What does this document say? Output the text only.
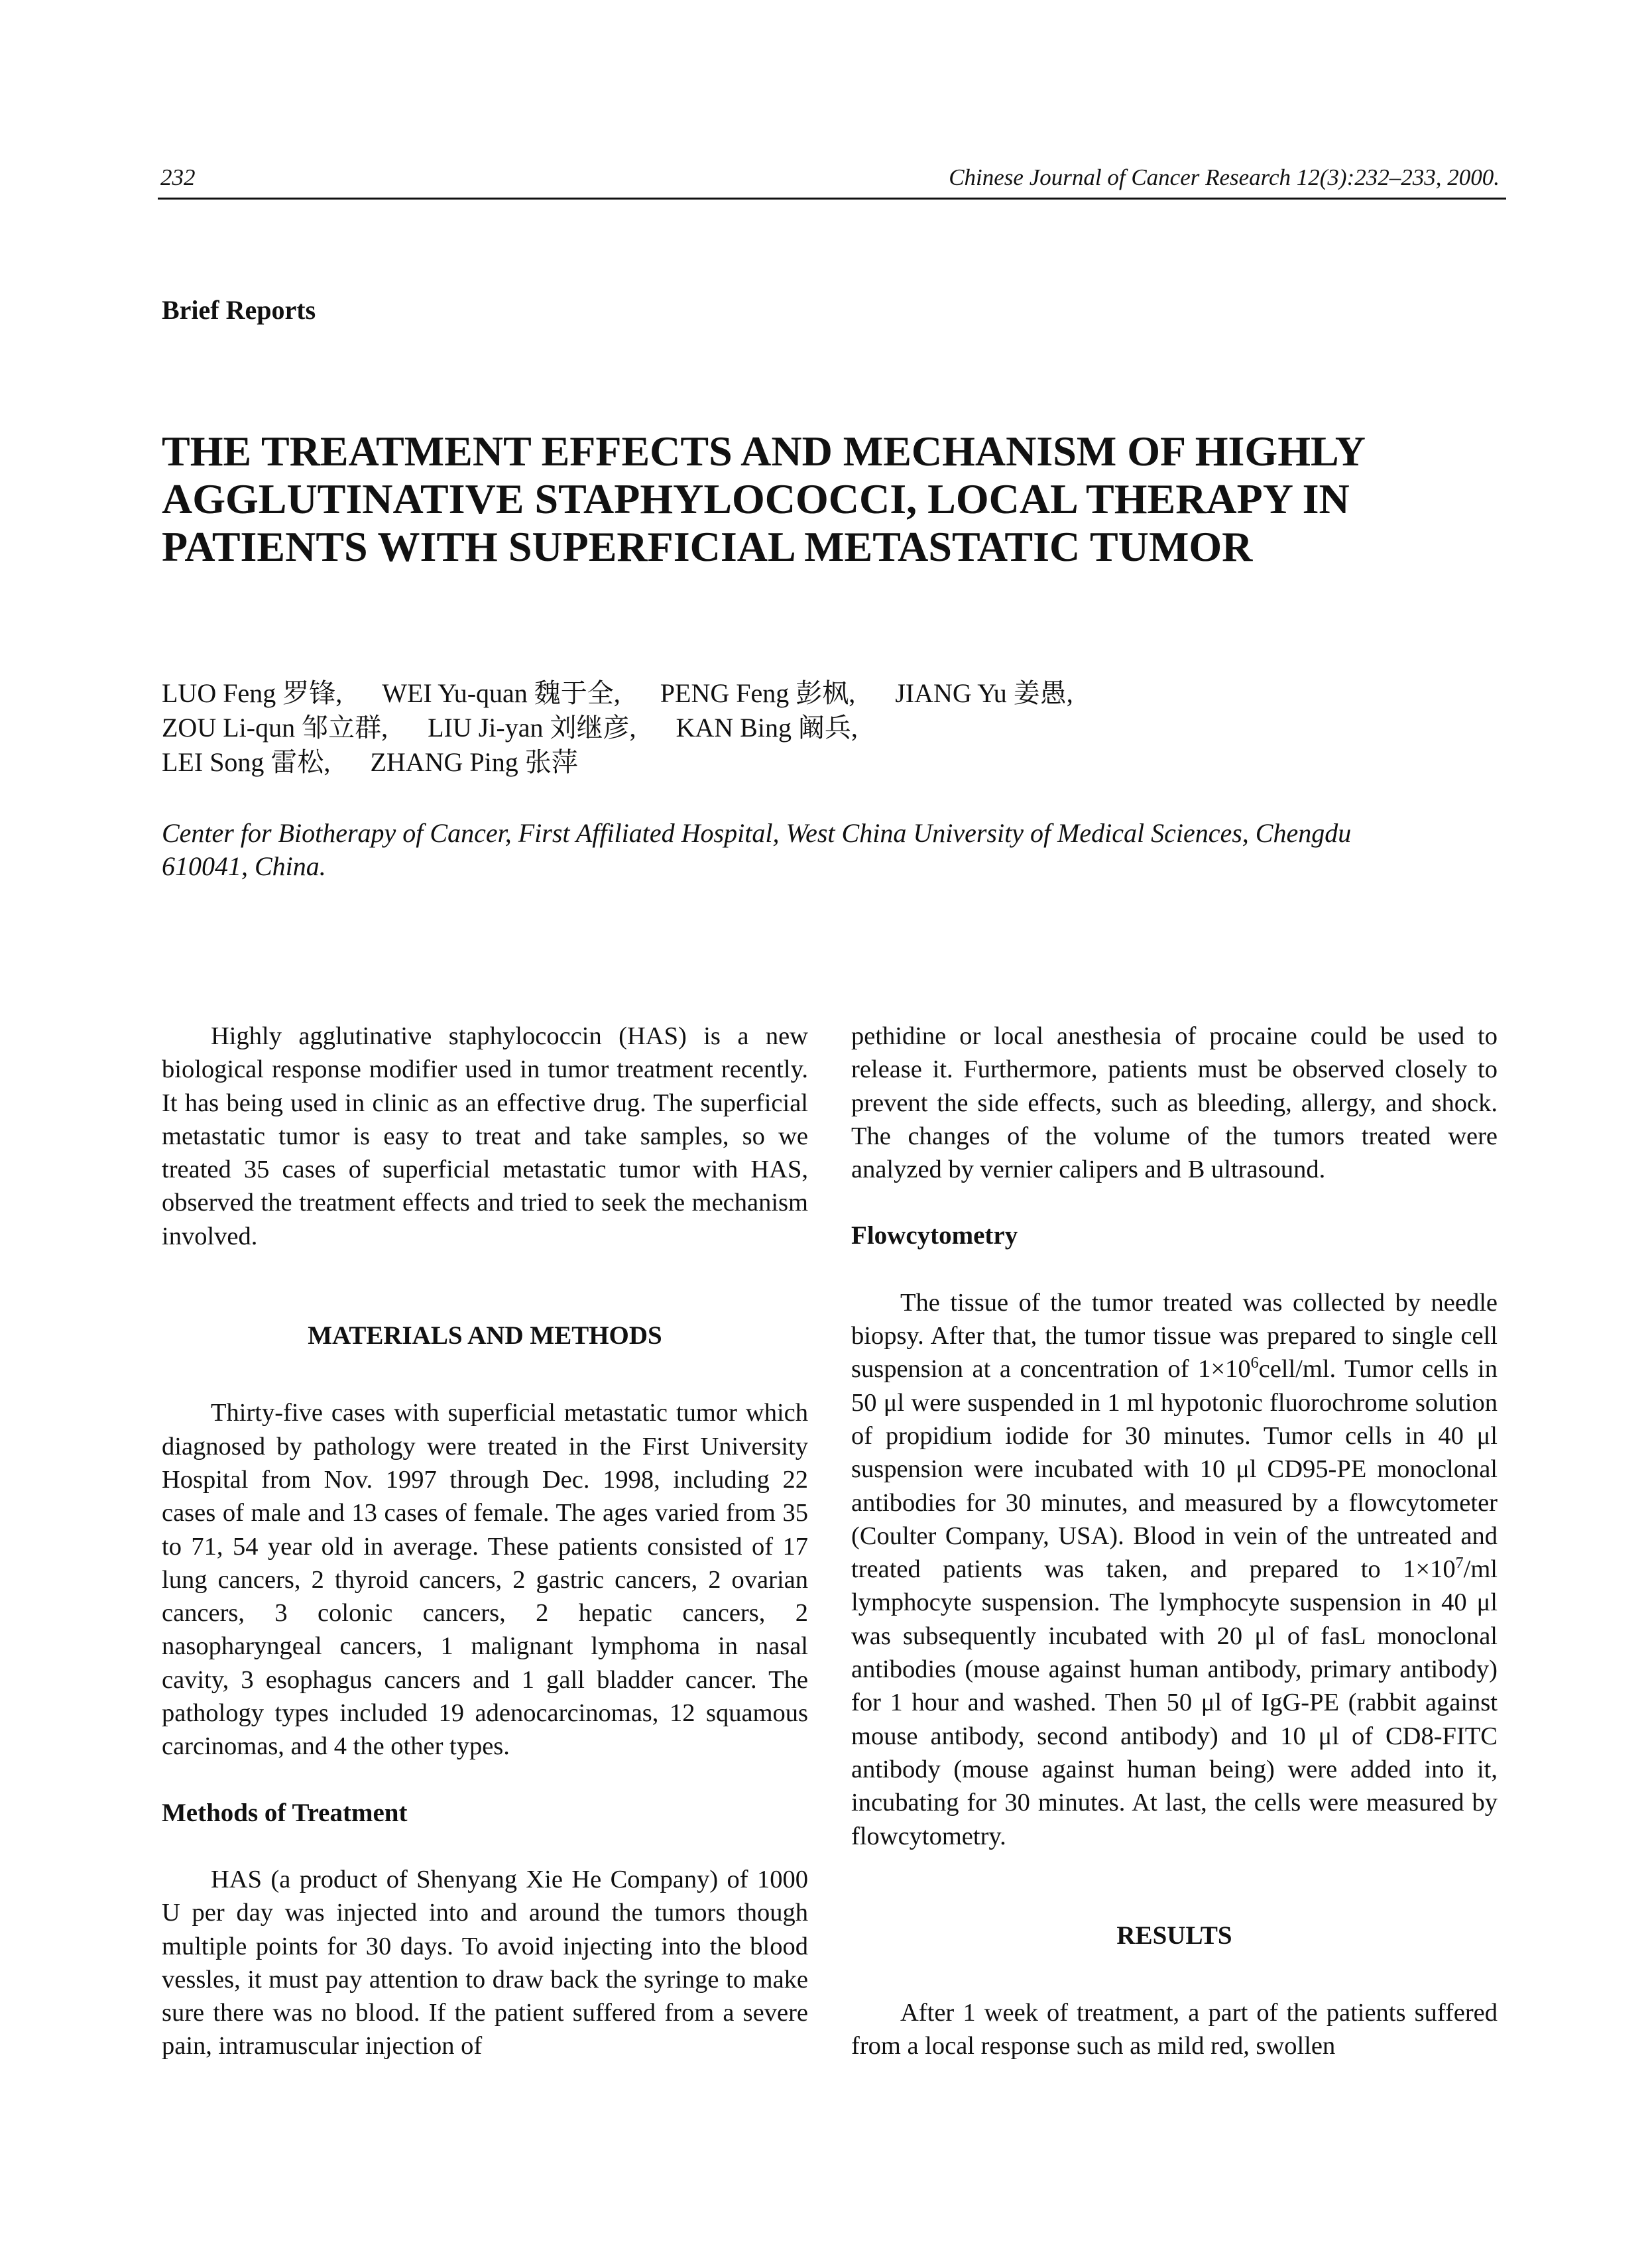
232	Chinese Journal of Cancer Research 12(3):232–233, 2000.
Brief Reports
THE TREATMENT EFFECTS AND MECHANISM OF HIGHLY AGGLUTINATIVE STAPHYLOCOCCI, LOCAL THERAPY IN PATIENTS WITH SUPERFICIAL METASTATIC TUMOR
LUO Feng 罗锋, WEI Yu-quan 魏于全, PENG Feng 彭枫, JIANG Yu 姜愚,
ZOU Li-qun 邹立群, LIU Ji-yan 刘继彦, KAN Bing 阚兵,
LEI Song 雷松, ZHANG Ping 张萍
Center for Biotherapy of Cancer, First Affiliated Hospital, West China University of Medical Sciences, Chengdu 610041, China.

Highly agglutinative staphylococcin (HAS) is a new biological response modifier used in tumor treatment recently. It has being used in clinic as an effective drug. The superficial metastatic tumor is easy to treat and take samples, so we treated 35 cases of superficial metastatic tumor with HAS, observed the treatment effects and tried to seek the mechanism involved.

MATERIALS AND METHODS

Thirty-five cases with superficial metastatic tumor which diagnosed by pathology were treated in the First University Hospital from Nov. 1997 through Dec. 1998, including 22 cases of male and 13 cases of female. The ages varied from 35 to 71, 54 year old in average. These patients consisted of 17 lung cancers, 2 thyroid cancers, 2 gastric cancers, 2 ovarian cancers, 3 colonic cancers, 2 hepatic cancers, 2 nasopharyngeal cancers, 1 malignant lymphoma in nasal cavity, 3 esophagus cancers and 1 gall bladder cancer. The pathology types included 19 adenocarcinomas, 12 squamous carcinomas, and 4 the other types.

Methods of Treatment

HAS (a product of Shenyang Xie He Company) of 1000 U per day was injected into and around the tumors though multiple points for 30 days. To avoid injecting into the blood vessles, it must pay attention to draw back the syringe to make sure there was no blood. If the patient suffered from a severe pain, intramuscular injection of

pethidine or local anesthesia of procaine could be used to release it. Furthermore, patients must be observed closely to prevent the side effects, such as bleeding, allergy, and shock. The changes of the volume of the tumors treated were analyzed by vernier calipers and B ultrasound.

Flowcytometry

The tissue of the tumor treated was collected by needle biopsy. After that, the tumor tissue was prepared to single cell suspension at a concentration of $1\times 10^6cell/ml$. Tumor cells in 50 μl were suspended in 1 ml hypotonic fluorochrome solution of propidium iodide for 30 minutes. Tumor cells in 40 μl suspension were incubated with 10 μl CD95-PE monoclonal antibodies for 30 minutes, and measured by a flowcytometer (Coulter Company, USA). Blood in vein of the untreated and treated patients was taken, and prepared to $1\times 10^7/ml$ lymphocyte suspension. The lymphocyte suspension in 40 μl was subsequently incubated with 20 μl of fasL monoclonal antibodies (mouse against human antibody, primary antibody) for 1 hour and washed. Then 50 μl of IgG-PE (rabbit against mouse antibody, second antibody) and 10 μl of CD8-FITC antibody (mouse against human being) were added into it, incubating for 30 minutes. At last, the cells were measured by flowcytometry.

RESULTS

After 1 week of treatment, a part of the patients suffered from a local response such as mild red, swollen
